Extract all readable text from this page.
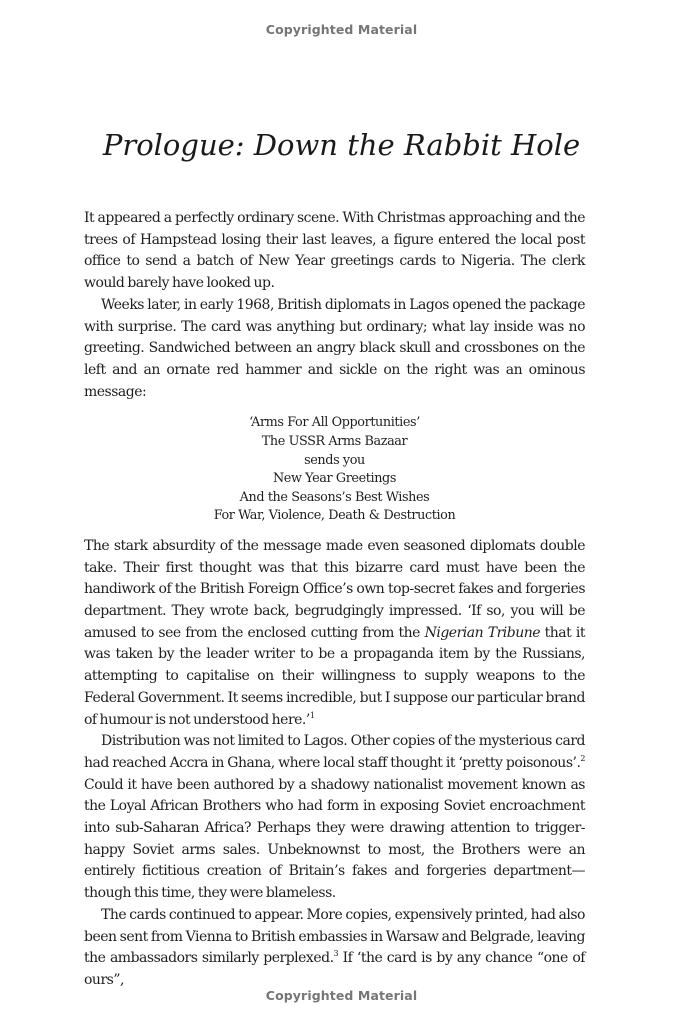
Copyrighted Material
Prologue: Down the Rabbit Hole

It appeared a perfectly ordinary scene. With Christmas approaching and the trees of Hampstead losing their last leaves, a figure entered the local post office to send a batch of New Year greetings cards to Nigeria. The clerk would barely have looked up.

Weeks later, in early 1968, British diplomats in Lagos opened the package with surprise. The card was anything but ordinary; what lay inside was no greeting. Sandwiched between an angry black skull and crossbones on the left and an ornate red hammer and sickle on the right was an ominous message:

‘Arms For All Opportunities’
The USSR Arms Bazaar
sends you
New Year Greetings
And the Seasons’s Best Wishes
For War, Violence, Death & Destruction

The stark absurdity of the message made even seasoned diplomats double take. Their first thought was that this bizarre card must have been the handiwork of the British Foreign Office’s own top-secret fakes and forgeries department. They wrote back, begrudgingly impressed. ‘If so, you will be amused to see from the enclosed cutting from the Nigerian Tribune that it was taken by the leader writer to be a propaganda item by the Russians, attempting to capitalise on their willingness to supply weapons to the Federal Government. It seems incredible, but I suppose our particular brand of humour is not understood here.’$^1$

Distribution was not limited to Lagos. Other copies of the mysterious card had reached Accra in Ghana, where local staff thought it ‘pretty poisonous’.$^2$ Could it have been authored by a shadowy nationalist movement known as the Loyal African Brothers who had form in exposing Soviet encroachment into sub-Saharan Africa? Perhaps they were drawing attention to trigger-happy Soviet arms sales. Unbeknownst to most, the Brothers were an entirely fictitious creation of Britain’s fakes and forgeries department—though this time, they were blameless.

The cards continued to appear. More copies, expensively printed, had also been sent from Vienna to British embassies in Warsaw and Belgrade, leaving the ambassadors similarly perplexed.$^3$ If ‘the card is by any chance “one of ours”,

Copyrighted Material
